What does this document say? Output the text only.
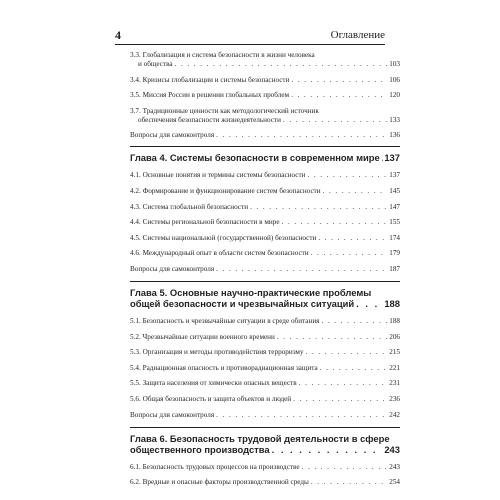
4	Оглавление
3.3. Глобализация и система безопасности в жизни человека
и общества . . .	103
3.4. Кризисы глобализации и системы безопасности . . .	106
3.5. Миссия России в решении глобальных проблем . . .	120
3.7. Традиционные ценности как методологический источник
обеспечения безопасности жизнедеятельности . . .	133
Вопросы для самоконтроля . . .	136
Глава 4. Системы безопасности в современном мире . . . 137
4.1. Основные понятия и термины системы безопасности . . .	137
4.2. Формирование и функционирование систем безопасности . . .	145
4.3. Система глобальной безопасности . . .	147
4.4. Системы региональной безопасности в мире . . .	155
4.5. Системы национальной (государственной) безопасности . . .	174
4.6. Международный опыт в области систем безопасности . . .	179
Вопросы для самоконтроля . . .	187
Глава 5. Основные научно-практические проблемы
общей безопасности и чрезвычайных ситуаций . . .	188
5.1. Безопасность и чрезвычайные ситуации в среде обитания . . .	188
5.2. Чрезвычайные ситуации военного времени . . .	206
5.3. Организация и методы противодействия терроризму . . .	215
5.4. Радиационная опасность и противорадиационная защита . . .	221
5.5. Защита населения от химически опасных веществ . . .	231
5.6. Общая безопасность и защита объектов и людей . . .	236
Вопросы для самоконтроля . . .	242
Глава 6. Безопасность трудовой деятельности в сфере
общественного производства . . .	243
6.1. Безопасность трудовых процессов на производстве . . .	243
6.2. Вредные и опасные факторы производственной среды . . .	254
